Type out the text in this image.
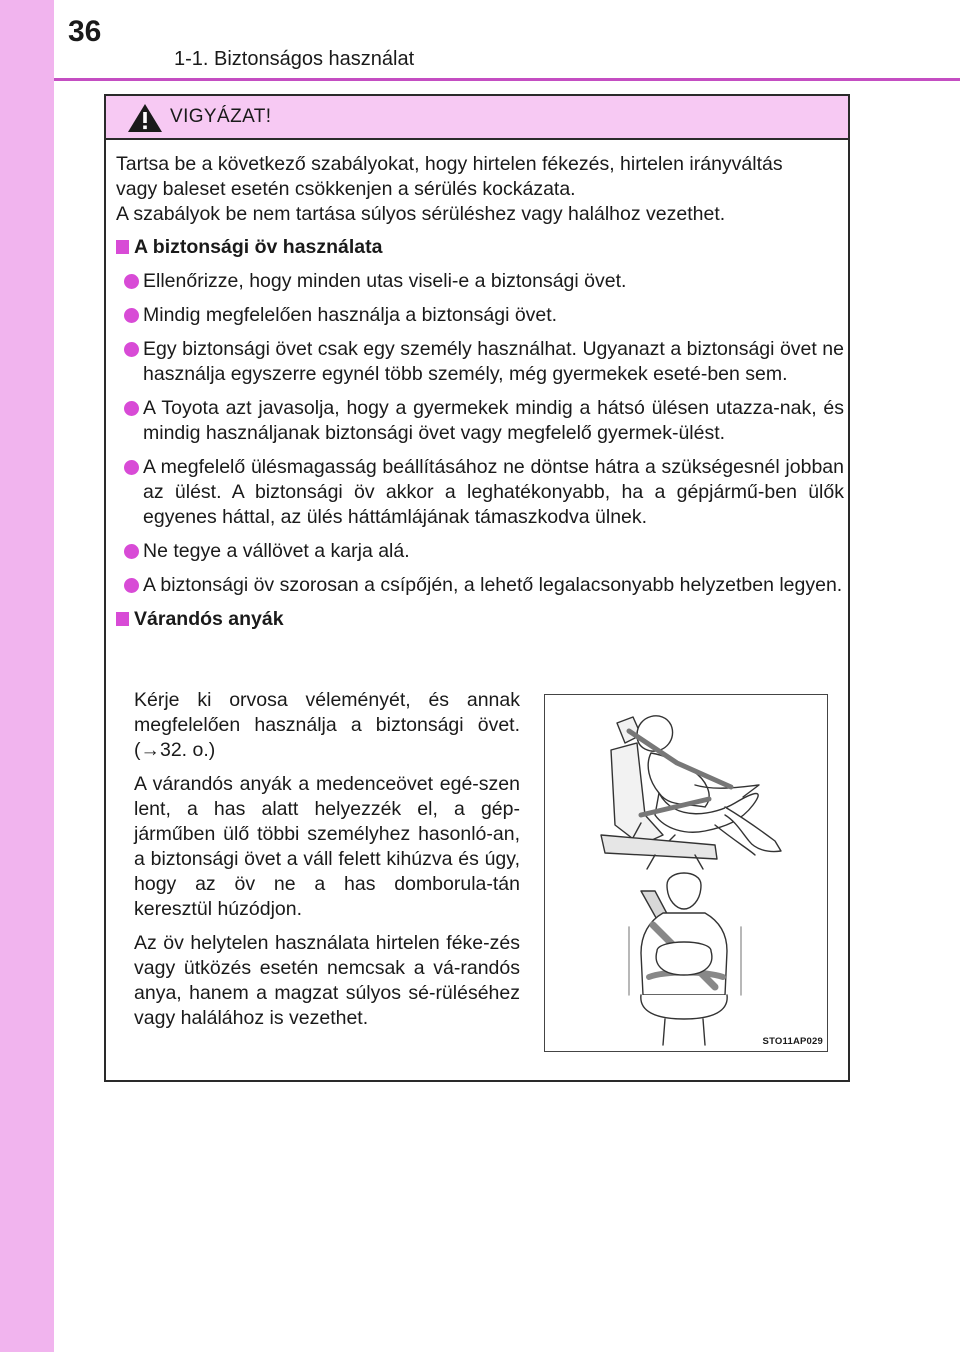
36
1-1. Biztonságos használat
VIGYÁZAT!
Tartsa be a következő szabályokat, hogy hirtelen fékezés, hirtelen irányváltás
vagy baleset esetén csökkenjen a sérülés kockázata.
A szabályok be nem tartása súlyos sérüléshez vagy halálhoz vezethet.
A biztonsági öv használata
Ellenőrizze, hogy minden utas viseli-e a biztonsági övet.
Mindig megfelelően használja a biztonsági övet.
Egy biztonsági övet csak egy személy használhat. Ugyanazt a biztonsági övet ne használja egyszerre egynél több személy, még gyermekek eseté-ben sem.
A Toyota azt javasolja, hogy a gyermekek mindig a hátsó ülésen utazza-nak, és mindig használjanak biztonsági övet vagy megfelelő gyermek-ülést.
A megfelelő ülésmagasság beállításához ne döntse hátra a szükségesnél jobban az ülést. A biztonsági öv akkor a leghatékonyabb, ha a gépjármű-ben ülők egyenes háttal, az ülés háttámlájának támaszkodva ülnek.
Ne tegye a vállövet a karja alá.
A biztonsági öv szorosan a csípőjén, a lehető legalacsonyabb helyzetben legyen.
Várandós anyák

Kérje ki orvosa véleményét, és annak megfelelően használja a biztonsági övet. (→32. o.)

A várandós anyák a medenceövet egé-szen lent, a has alatt helyezzék el, a gép-járműben ülő többi személyhez hasonló-an, a biztonsági övet a váll felett kihúzva és úgy, hogy az öv ne a has domborula-tán keresztül húzódjon.

Az öv helytelen használata hirtelen féke-zés vagy ütközés esetén nemcsak a vá-randós anya, hanem a magzat súlyos sé-rüléséhez vagy halálához is vezethet.

STO11AP029
